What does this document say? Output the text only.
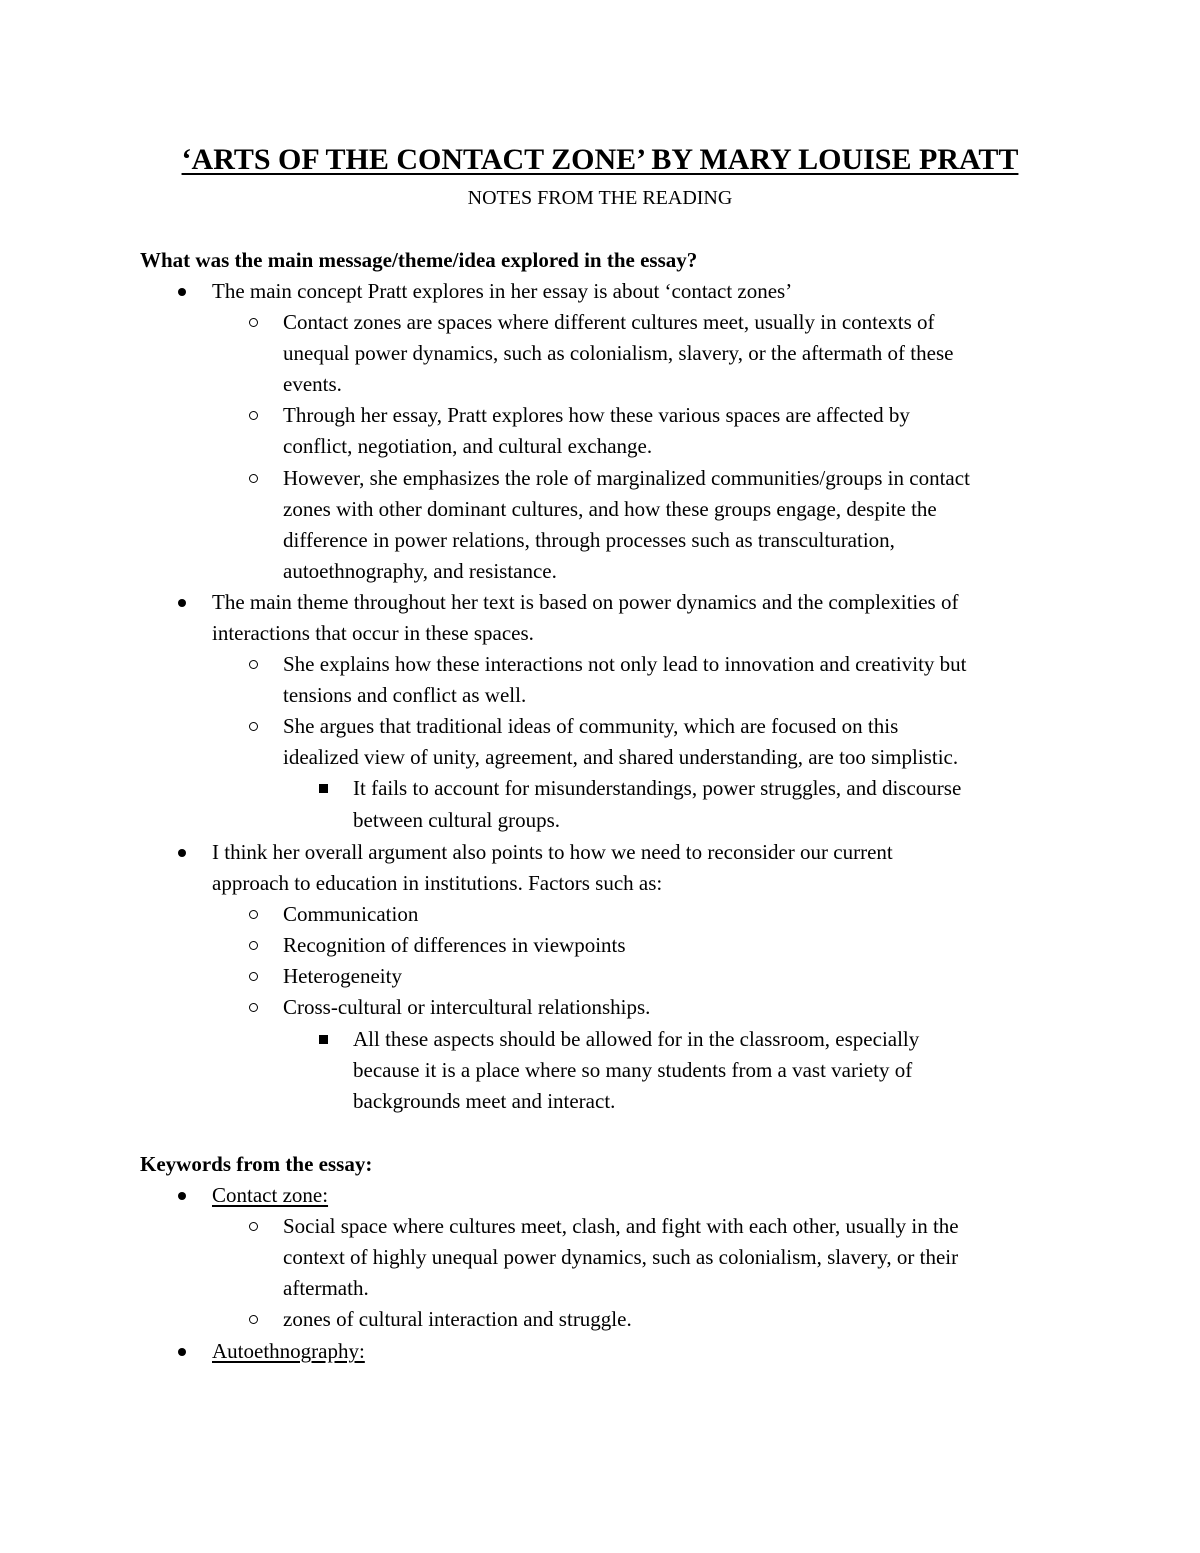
‘ARTS OF THE CONTACT ZONE’ BY MARY LOUISE PRATT

NOTES FROM THE READING

What was the main message/theme/idea explored in the essay?

The main concept Pratt explores in her essay is about ‘contact zones’
Contact zones are spaces where different cultures meet, usually in contexts of
unequal power dynamics, such as colonialism, slavery, or the aftermath of these
events.
Through her essay, Pratt explores how these various spaces are affected by
conflict, negotiation, and cultural exchange.
However, she emphasizes the role of marginalized communities/groups in contact
zones with other dominant cultures, and how these groups engage, despite the
difference in power relations, through processes such as transculturation,
autoethnography, and resistance.
The main theme throughout her text is based on power dynamics and the complexities of
interactions that occur in these spaces.
She explains how these interactions not only lead to innovation and creativity but
tensions and conflict as well.
She argues that traditional ideas of community, which are focused on this
idealized view of unity, agreement, and shared understanding, are too simplistic.
It fails to account for misunderstandings, power struggles, and discourse
between cultural groups.
I think her overall argument also points to how we need to reconsider our current
approach to education in institutions. Factors such as:
Communication
Recognition of differences in viewpoints
Heterogeneity
Cross-cultural or intercultural relationships.
All these aspects should be allowed for in the classroom, especially
because it is a place where so many students from a vast variety of
backgrounds meet and interact.

Keywords from the essay:

Contact zone:
Social space where cultures meet, clash, and fight with each other, usually in the
context of highly unequal power dynamics, such as colonialism, slavery, or their
aftermath.
zones of cultural interaction and struggle.
Autoethnography:
